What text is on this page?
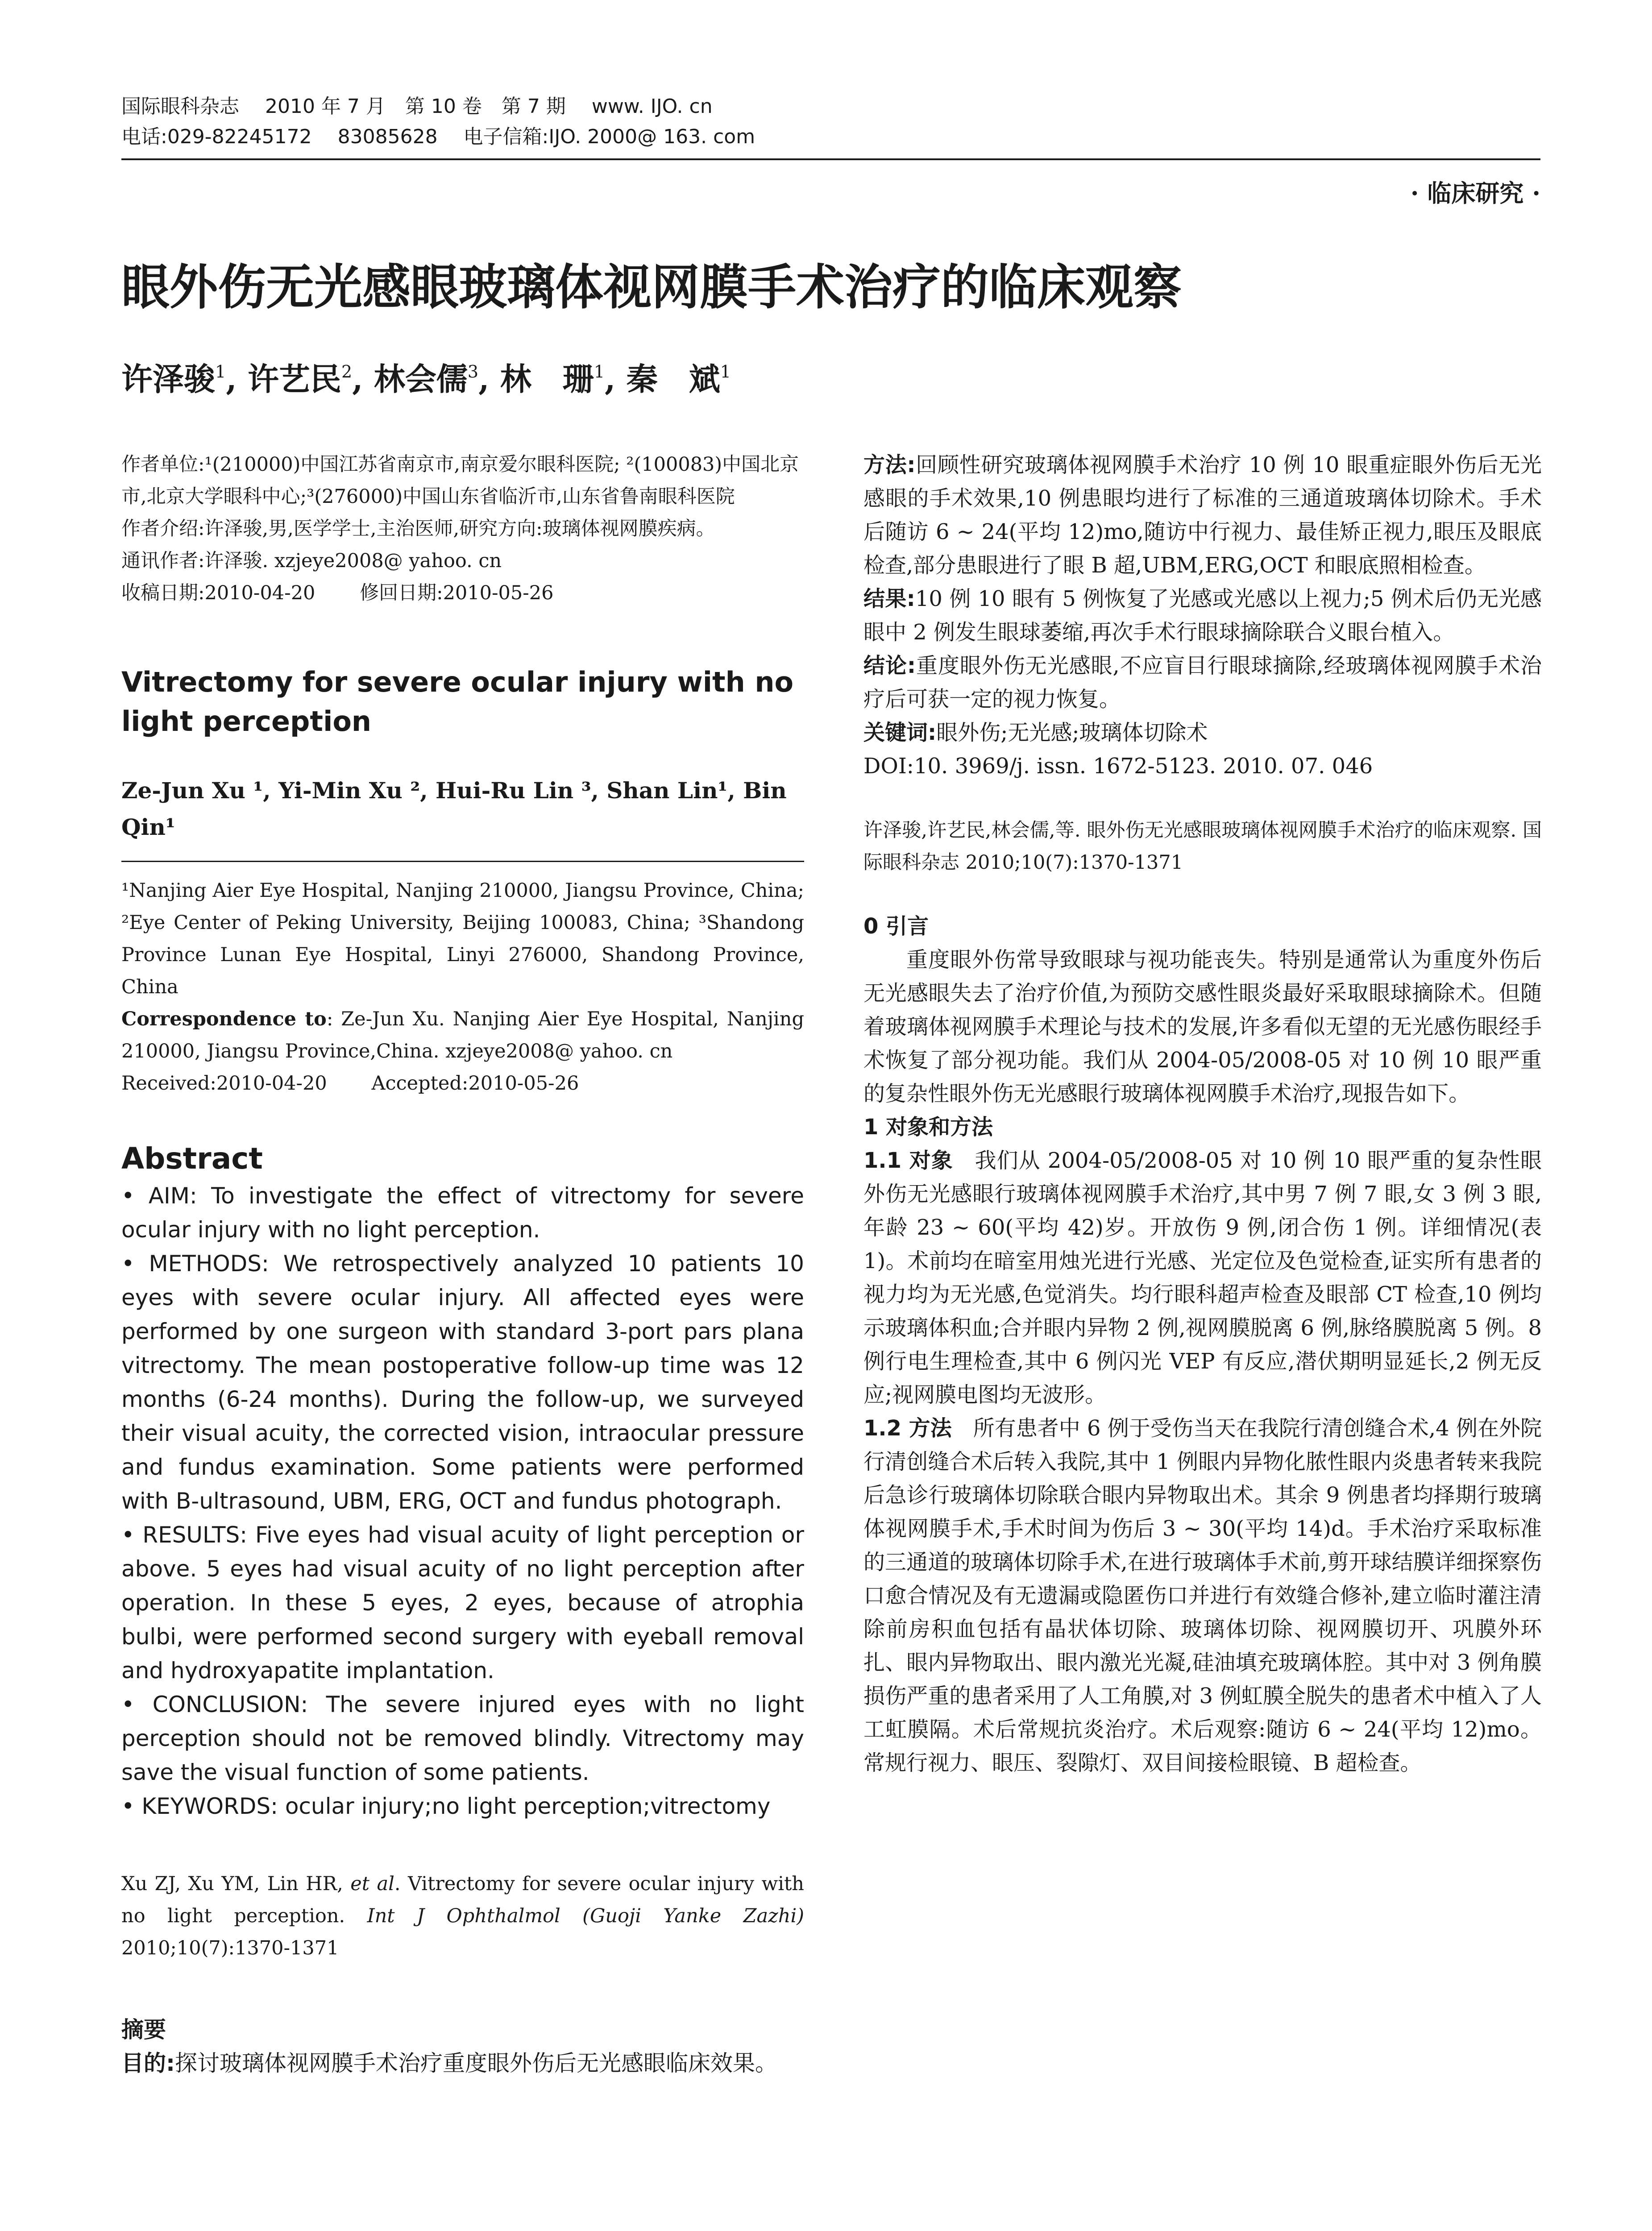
国际眼科杂志　 2010 年 7 月　第 10 卷　第 7 期　 www. IJO. cn
电话:029-82245172　 83085628　 电子信箱:IJO. 2000@ 163. com
· 临床研究 ·
眼外伤无光感眼玻璃体视网膜手术治疗的临床观察
许泽骏$^1$, 许艺民$^2$, 林会儒$^3$, 林　珊$^1$, 秦　斌$^1$

作者单位:¹(210000)中国江苏省南京市,南京爱尔眼科医院; ²(100083)中国北京市,北京大学眼科中心;³(276000)中国山东省临沂市,山东省鲁南眼科医院

作者介绍:许泽骏,男,医学学士,主治医师,研究方向:玻璃体视网膜疾病。

通讯作者:许泽骏. xzjeye2008@ yahoo. cn

收稿日期:2010-04-20　　 修回日期:2010-05-26

Vitrectomy for severe ocular injury with no light perception

Ze-Jun Xu ¹, Yi-Min Xu ², Hui-Ru Lin ³, Shan Lin¹, Bin Qin¹

¹Nanjing Aier Eye Hospital, Nanjing 210000, Jiangsu Province, China; ²Eye Center of Peking University, Beijing 100083, China; ³Shandong Province Lunan Eye Hospital, Linyi 276000, Shandong Province, China

Correspondence to: Ze-Jun Xu. Nanjing Aier Eye Hospital, Nanjing 210000, Jiangsu Province,China. xzjeye2008@ yahoo. cn

Received:2010-04-20　　 Accepted:2010-05-26

Abstract

• AIM: To investigate the effect of vitrectomy for severe ocular injury with no light perception.

• METHODS: We retrospectively analyzed 10 patients 10 eyes with severe ocular injury. All affected eyes were performed by one surgeon with standard 3-port pars plana vitrectomy. The mean postoperative follow-up time was 12 months (6-24 months). During the follow-up, we surveyed their visual acuity, the corrected vision, intraocular pressure and fundus examination. Some patients were performed with B-ultrasound, UBM, ERG, OCT and fundus photograph.

• RESULTS: Five eyes had visual acuity of light perception or above. 5 eyes had visual acuity of no light perception after operation. In these 5 eyes, 2 eyes, because of atrophia bulbi, were performed second surgery with eyeball removal and hydroxyapatite implantation.

• CONCLUSION: The severe injured eyes with no light perception should not be removed blindly. Vitrectomy may save the visual function of some patients.

• KEYWORDS: ocular injury;no light perception;vitrectomy

Xu ZJ, Xu YM, Lin HR, et al. Vitrectomy for severe ocular injury with no light perception. Int J Ophthalmol (Guoji Yanke Zazhi) 2010;10(7):1370-1371

摘要

目的:探讨玻璃体视网膜手术治疗重度眼外伤后无光感眼临床效果。

方法:回顾性研究玻璃体视网膜手术治疗 10 例 10 眼重症眼外伤后无光感眼的手术效果,10 例患眼均进行了标准的三通道玻璃体切除术。手术后随访 6 ~ 24(平均 12)mo,随访中行视力、最佳矫正视力,眼压及眼底检查,部分患眼进行了眼 B 超,UBM,ERG,OCT 和眼底照相检查。

结果:10 例 10 眼有 5 例恢复了光感或光感以上视力;5 例术后仍无光感眼中 2 例发生眼球萎缩,再次手术行眼球摘除联合义眼台植入。

结论:重度眼外伤无光感眼,不应盲目行眼球摘除,经玻璃体视网膜手术治疗后可获一定的视力恢复。

关键词:眼外伤;无光感;玻璃体切除术

DOI:10. 3969/j. issn. 1672-5123. 2010. 07. 046

许泽骏,许艺民,林会儒,等. 眼外伤无光感眼玻璃体视网膜手术治疗的临床观察. 国际眼科杂志 2010;10(7):1370-1371

0 引言

重度眼外伤常导致眼球与视功能丧失。特别是通常认为重度外伤后无光感眼失去了治疗价值,为预防交感性眼炎最好采取眼球摘除术。但随着玻璃体视网膜手术理论与技术的发展,许多看似无望的无光感伤眼经手术恢复了部分视功能。我们从 2004-05/2008-05 对 10 例 10 眼严重的复杂性眼外伤无光感眼行玻璃体视网膜手术治疗,现报告如下。

1 对象和方法

1.1 对象　我们从 2004-05/2008-05 对 10 例 10 眼严重的复杂性眼外伤无光感眼行玻璃体视网膜手术治疗,其中男 7 例 7 眼,女 3 例 3 眼,年龄 23 ~ 60(平均 42)岁。开放伤 9 例,闭合伤 1 例。详细情况(表 1)。术前均在暗室用烛光进行光感、光定位及色觉检查,证实所有患者的视力均为无光感,色觉消失。均行眼科超声检查及眼部 CT 检查,10 例均示玻璃体积血;合并眼内异物 2 例,视网膜脱离 6 例,脉络膜脱离 5 例。8 例行电生理检查,其中 6 例闪光 VEP 有反应,潜伏期明显延长,2 例无反应;视网膜电图均无波形。

1.2 方法　所有患者中 6 例于受伤当天在我院行清创缝合术,4 例在外院行清创缝合术后转入我院,其中 1 例眼内异物化脓性眼内炎患者转来我院后急诊行玻璃体切除联合眼内异物取出术。其余 9 例患者均择期行玻璃体视网膜手术,手术时间为伤后 3 ~ 30(平均 14)d。手术治疗采取标准的三通道的玻璃体切除手术,在进行玻璃体手术前,剪开球结膜详细探察伤口愈合情况及有无遗漏或隐匿伤口并进行有效缝合修补,建立临时灌注清除前房积血包括有晶状体切除、玻璃体切除、视网膜切开、巩膜外环扎、眼内异物取出、眼内激光光凝,硅油填充玻璃体腔。其中对 3 例角膜损伤严重的患者采用了人工角膜,对 3 例虹膜全脱失的患者术中植入了人工虹膜隔。术后常规抗炎治疗。术后观察:随访 6 ~ 24(平均 12)mo。常规行视力、眼压、裂隙灯、双目间接检眼镜、B 超检查。
